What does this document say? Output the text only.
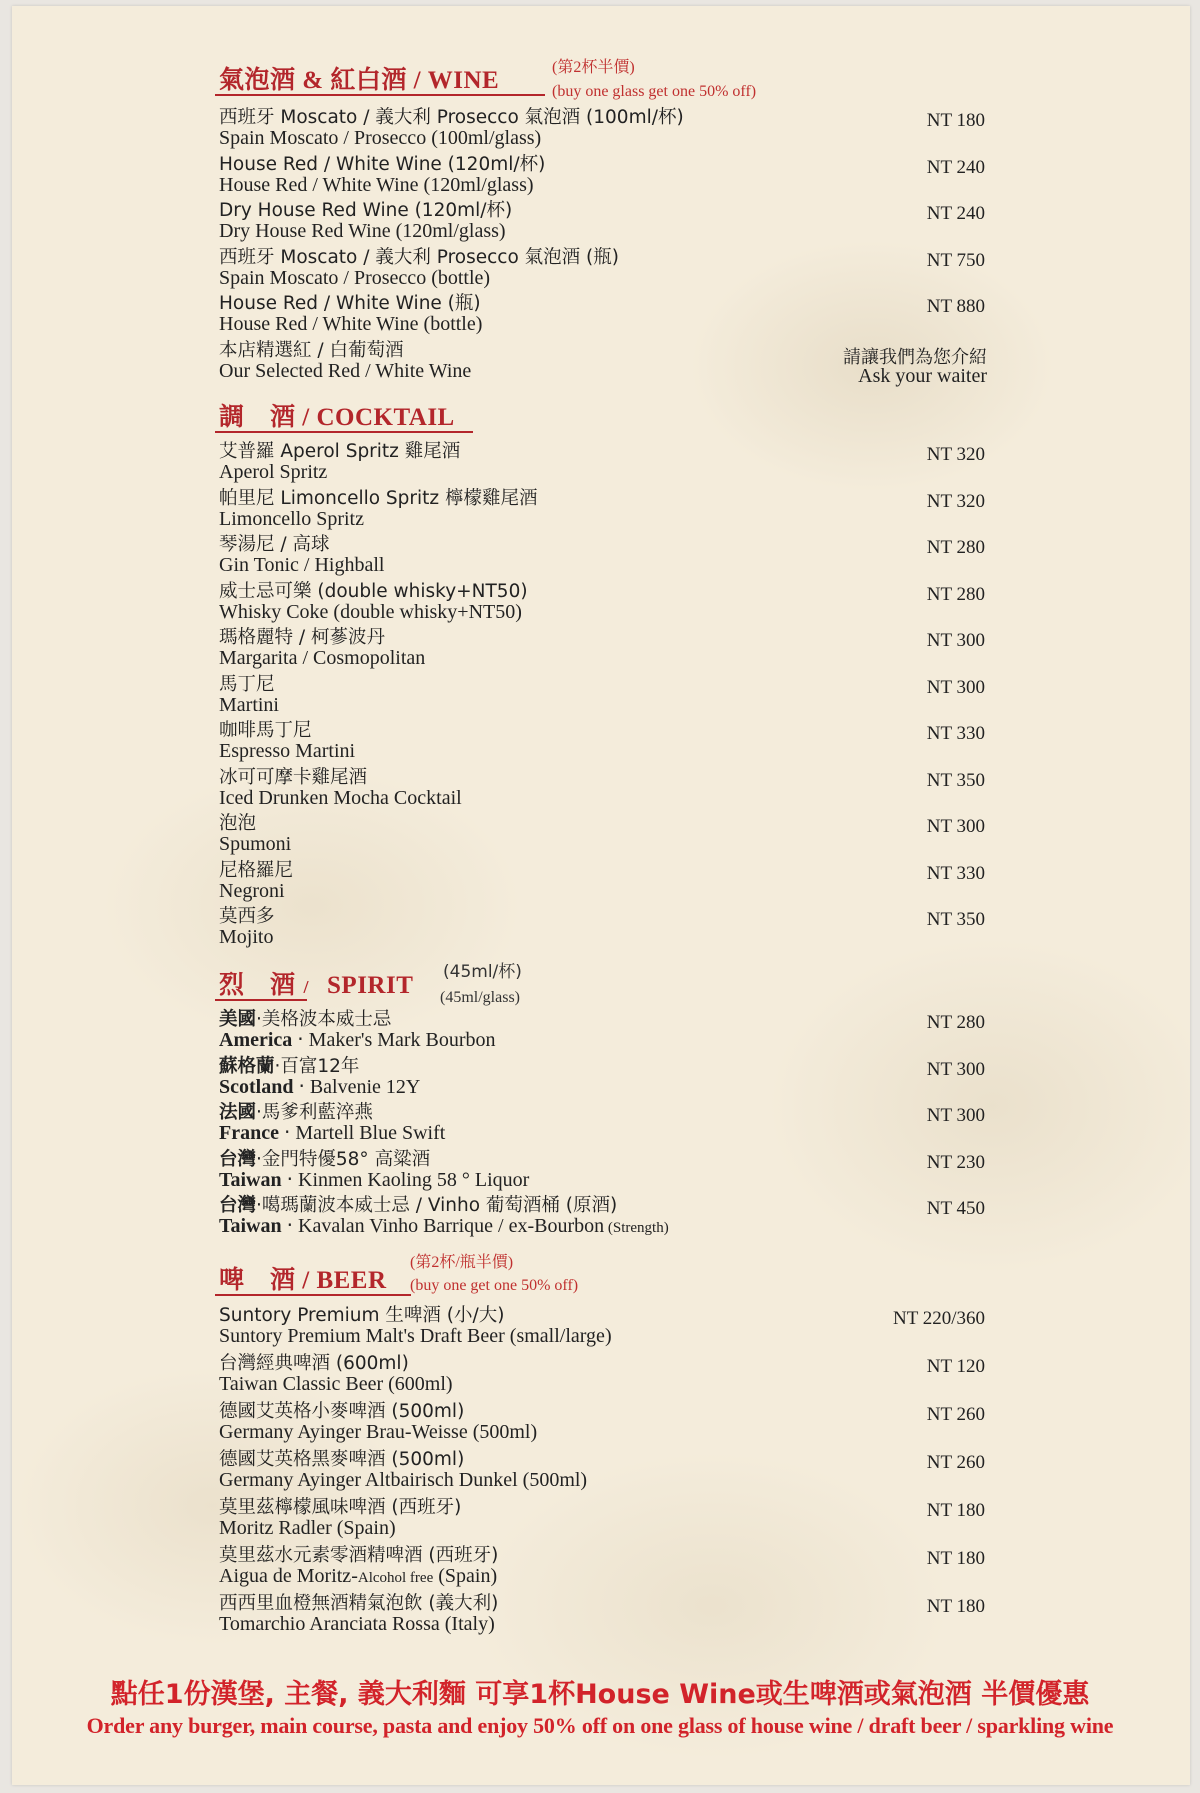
氣泡酒 & 紅白酒 / WINE	(第2杯半價)
(buy one glass get one 50% off)
西班牙 Moscato / 義大利 Prosecco 氣泡酒 (100ml/杯)
Spain Moscato / Prosecco (100ml/glass)
NT 180
House Red / White Wine (120ml/杯)
House Red / White Wine (120ml/glass)
NT 240
Dry House Red Wine (120ml/杯)
Dry House Red Wine (120ml/glass)
NT 240
西班牙 Moscato / 義大利 Prosecco 氣泡酒 (瓶)
Spain Moscato / Prosecco (bottle)
NT 750
House Red / White Wine (瓶)
House Red / White Wine (bottle)
NT 880
本店精選紅 / 白葡萄酒
Our Selected Red / White Wine
請讓我們為您介紹
Ask your waiter
調　酒 / COCKTAIL
艾普羅 Aperol Spritz 雞尾酒
Aperol Spritz
NT 320
帕里尼 Limoncello Spritz 檸檬雞尾酒
Limoncello Spritz
NT 320
琴湯尼 / 高球
Gin Tonic / Highball
NT 280
威士忌可樂 (double whisky+NT50)
Whisky Coke (double whisky+NT50)
NT 280
瑪格麗特 / 柯蔘波丹
Margarita / Cosmopolitan
NT 300
馬丁尼
Martini
NT 300
咖啡馬丁尼
Espresso Martini
NT 330
冰可可摩卡雞尾酒
Iced Drunken Mocha Cocktail
NT 350
泡泡
Spumoni
NT 300
尼格羅尼
Negroni
NT 330
莫西多
Mojito
NT 350
烈　酒 / SPIRIT (45ml/杯)
(45ml/glass)
美國‧美格波本威士忌
America ‧ Maker's Mark Bourbon
NT 280
蘇格蘭‧百富12年
Scotland ‧ Balvenie 12Y
NT 300
法國‧馬爹利藍淬燕
France ‧ Martell Blue Swift
NT 300
台灣‧金門特優58° 高粱酒
Taiwan ‧ Kinmen Kaoling 58 ° Liquor
NT 230
台灣‧噶瑪蘭波本威士忌 / Vinho 葡萄酒桶 (原酒)
Taiwan ‧ Kavalan Vinho Barrique / ex-Bourbon (Strength)
NT 450
啤　酒 / BEER
(第2杯/瓶半價)
(buy one get one 50% off)
Suntory Premium 生啤酒 (小/大)
Suntory Premium Malt's Draft Beer (small/large)
NT 220/360
台灣經典啤酒 (600ml)
Taiwan Classic Beer (600ml)
NT 120
德國艾英格小麥啤酒 (500ml)
Germany Ayinger Brau-Weisse (500ml)
NT 260
德國艾英格黑麥啤酒 (500ml)
Germany Ayinger Altbairisch Dunkel (500ml)
NT 260
莫里茲檸檬風味啤酒 (西班牙)
Moritz Radler (Spain)
NT 180
莫里茲水元素零酒精啤酒 (西班牙)
Aigua de Moritz-Alcohol free (Spain)
NT 180
西西里血橙無酒精氣泡飲 (義大利)
Tomarchio Aranciata Rossa (Italy)
NT 180
點任1份漢堡, 主餐, 義大利麵 可享1杯House Wine或生啤酒或氣泡酒 半價優惠
Order any burger, main course, pasta and enjoy 50% off on one glass of house wine / draft beer / sparkling wine
